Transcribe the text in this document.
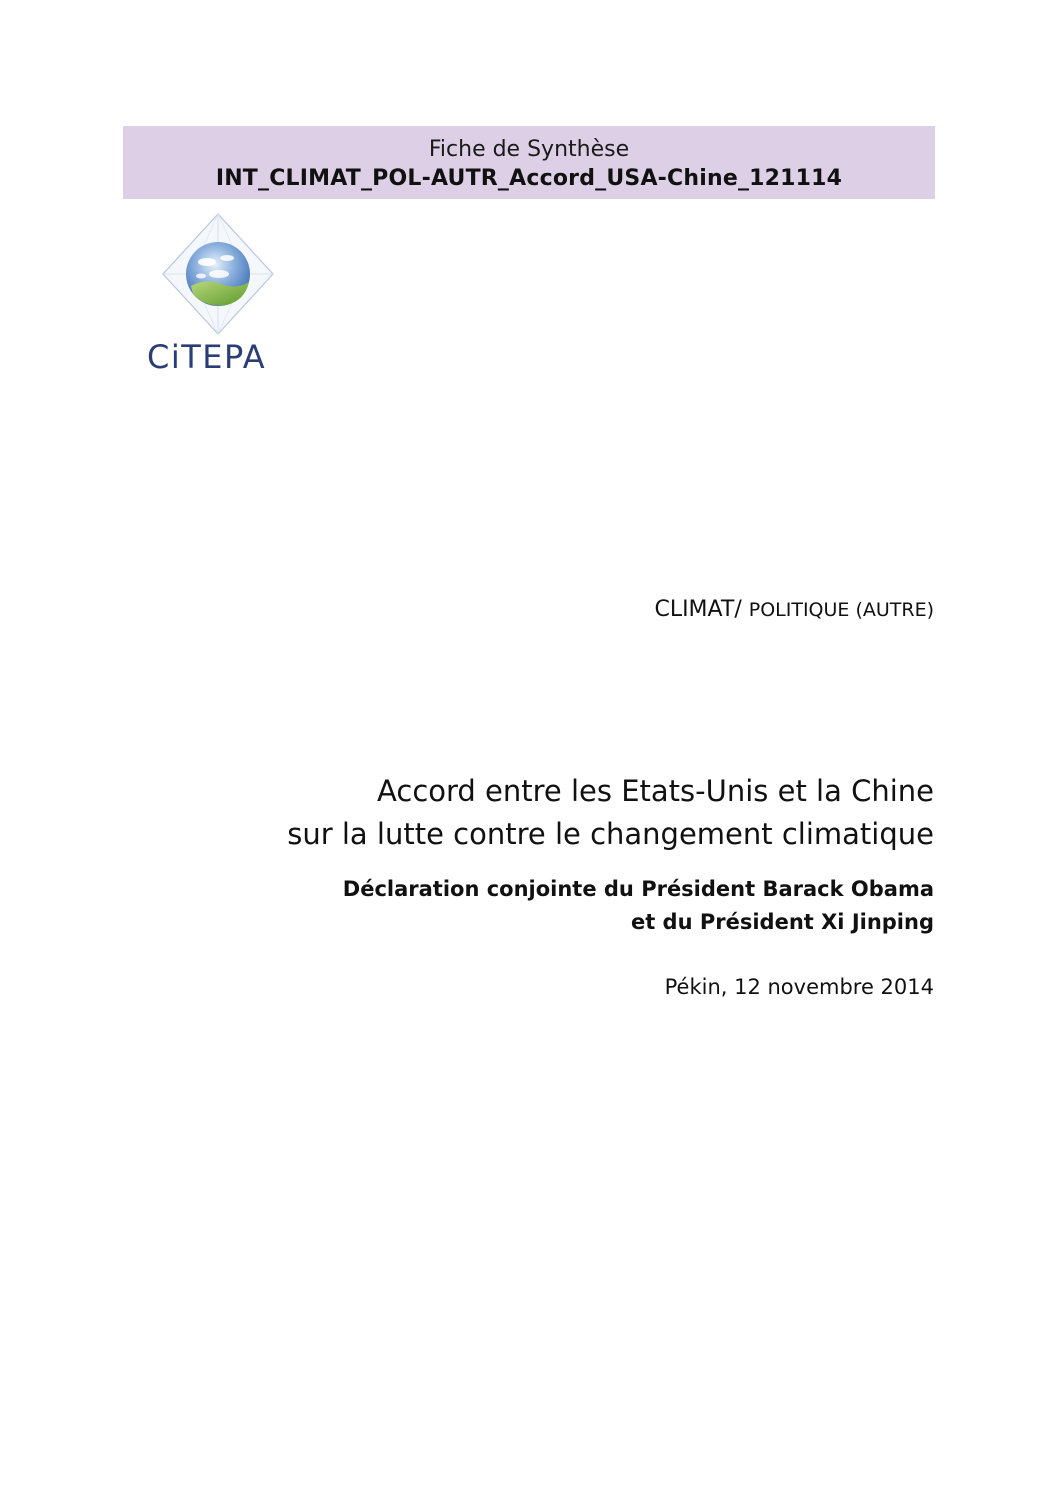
Fiche de Synthèse
INT_CLIMAT_POL-AUTR_Accord_USA-Chine_121114
CiTEPA
CLIMAT/ POLITIQUE (AUTRE)
Accord entre les Etats-Unis et la Chine
sur la lutte contre le changement climatique
Déclaration conjointe du Président Barack Obama
et du Président Xi Jinping
Pékin, 12 novembre 2014
